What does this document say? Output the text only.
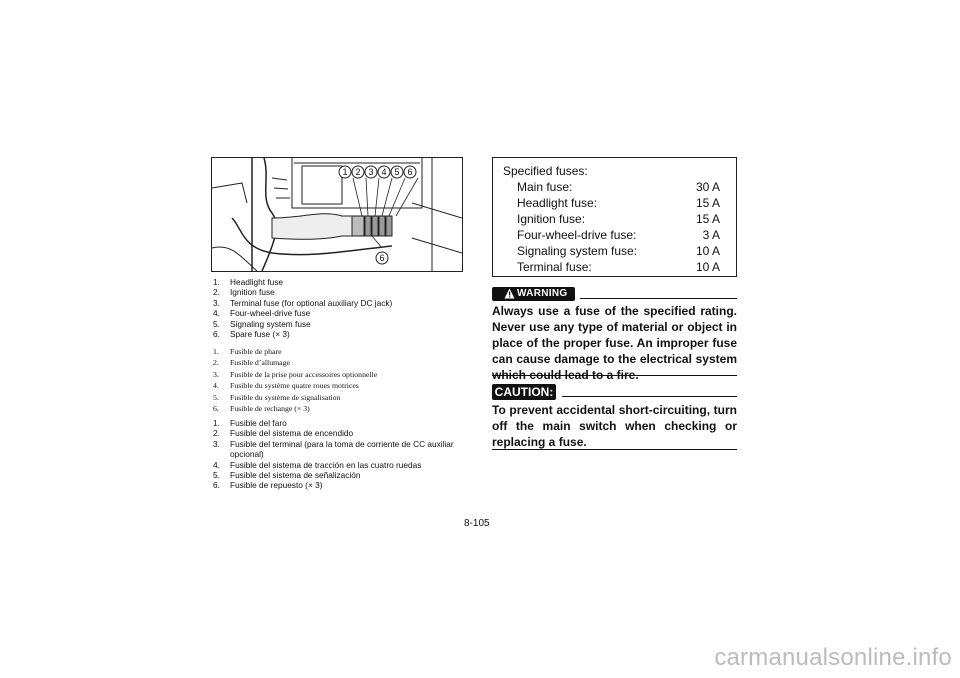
1 2 3 4 5 6
6
1. Headlight fuse
2. Ignition fuse
3. Terminal fuse (for optional auxiliary DC jack)
4. Four-wheel-drive fuse
5. Signaling system fuse
6. Spare fuse (× 3)
1. Fusible de phare
2. Fusible d’allumage
3. Fusible de la prise pour accessoires optionnelle
4. Fusible du système quatre roues motrices
5. Fusible du système de signalisation
6. Fusible de rechange (× 3)
1. Fusible del faro
2. Fusible del sistema de encendido
3. Fusible del terminal (para la toma de corriente de CC auxiliar opcional)
4. Fusible del sistema de tracción en las cuatro ruedas
5. Fusible del sistema de señalización
6. Fusible de repuesto (× 3)
Specified fuses:
Main fuse:	30 A
Headlight fuse:	15 A
Ignition fuse:	15 A
Four-wheel-drive fuse:	3 A
Signaling system fuse:	10 A
Terminal fuse:	10 A
WARNING

Always use a fuse of the specified rating. Never use any type of material or object in place of the proper fuse. An improper fuse can cause damage to the electrical system which could lead to a fire.

CAUTION:

To prevent accidental short-circuiting, turn off the main switch when checking or replacing a fuse.

8-105
carmanualsonline.info
